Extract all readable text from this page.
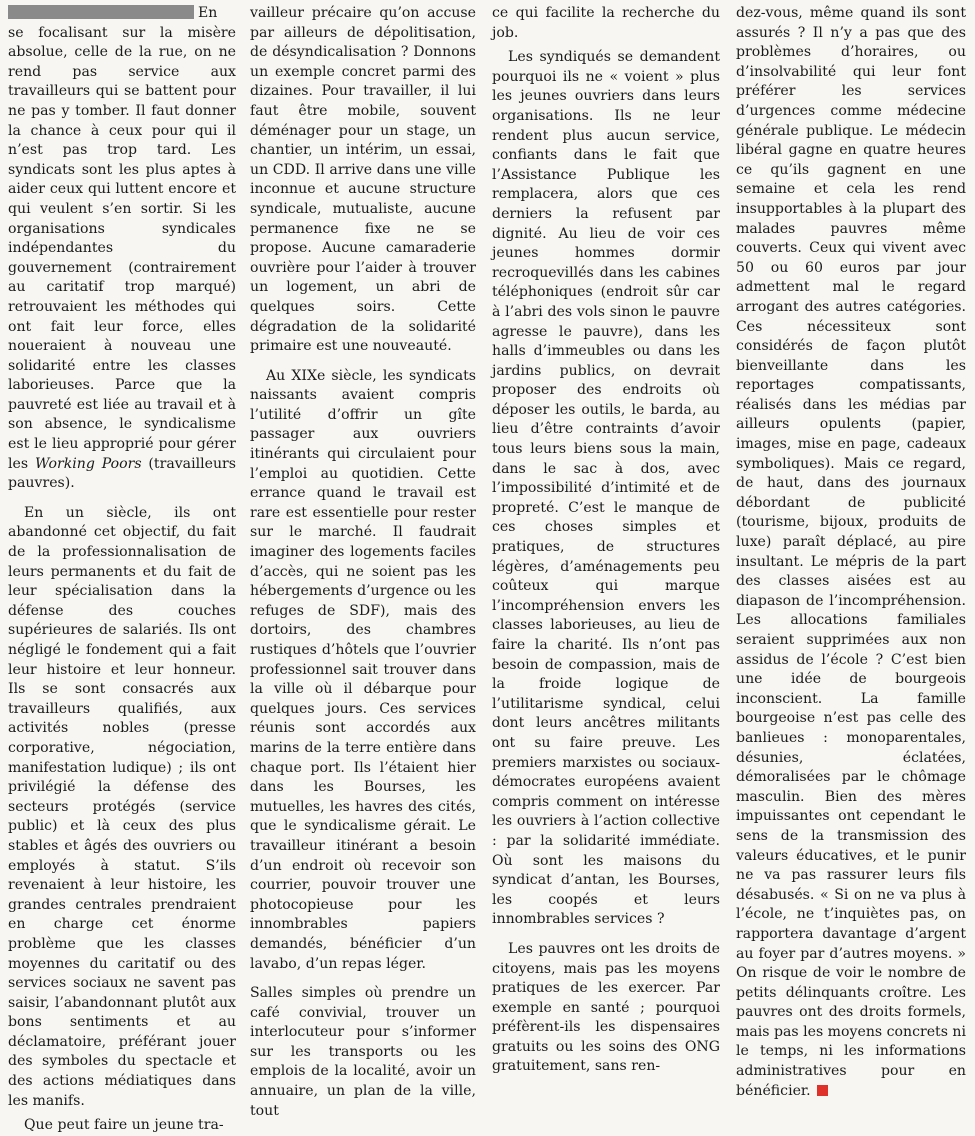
En se focalisant sur la misère absolue, celle de la rue, on ne rend pas service aux travailleurs qui se battent pour ne pas y tomber. Il faut donner la chance à ceux pour qui il n’est pas trop tard. Les syndicats sont les plus aptes à aider ceux qui luttent encore et qui veulent s’en sortir. Si les organisations syndicales indépendantes du gouvernement (contrairement au caritatif trop marqué) retrouvaient les méthodes qui ont fait leur force, elles noueraient à nouveau une solidarité entre les classes laborieuses. Parce que la pauvreté est liée au travail et à son absence, le syndicalisme est le lieu approprié pour gérer les Working Poors (travailleurs pauvres).

En un siècle, ils ont abandonné cet objectif, du fait de la professionnalisation de leurs permanents et du fait de leur spécialisation dans la défense des couches supérieures de salariés. Ils ont négligé le fondement qui a fait leur histoire et leur honneur. Ils se sont consacrés aux travailleurs qualifiés, aux activités nobles (presse corporative, négociation, manifestation ludique) ; ils ont privilégié la défense des secteurs protégés (service public) et là ceux des plus stables et âgés des ouvriers ou employés à statut. S’ils revenaient à leur histoire, les grandes centrales prendraient en charge cet énorme problème que les classes moyennes du caritatif ou des services sociaux ne savent pas saisir, l’abandonnant plutôt aux bons sentiments et au déclamatoire, préférant jouer des symboles du spectacle et des actions médiatiques dans les manifs.

Que peut faire un jeune tra-

vailleur précaire qu’on accuse par ailleurs de dépolitisation, de désyndicalisation ? Donnons un exemple concret parmi des dizaines. Pour travailler, il lui faut être mobile, souvent déménager pour un stage, un chantier, un intérim, un essai, un CDD. Il arrive dans une ville inconnue et aucune structure syndicale, mutualiste, aucune permanence fixe ne se propose. Aucune camaraderie ouvrière pour l’aider à trouver un logement, un abri de quelques soirs. Cette dégradation de la solidarité primaire est une nouveauté.

Au XIXe siècle, les syndicats naissants avaient compris l’utilité d’offrir un gîte passager aux ouvriers itinérants qui circulaient pour l’emploi au quotidien. Cette errance quand le travail est rare est essentielle pour rester sur le marché. Il faudrait imaginer des logements faciles d’accès, qui ne soient pas les hébergements d’urgence ou les refuges de SDF), mais des dortoirs, des chambres rustiques d’hôtels que l’ouvrier professionnel sait trouver dans la ville où il débarque pour quelques jours. Ces services réunis sont accordés aux marins de la terre entière dans chaque port. Ils l’étaient hier dans les Bourses, les mutuelles, les havres des cités, que le syndicalisme gérait. Le travailleur itinérant a besoin d’un endroit où recevoir son courrier, pouvoir trouver une photocopieuse pour les innombrables papiers demandés, bénéficier d’un lavabo, d’un repas léger.

Salles simples où prendre un café convivial, trouver un interlocuteur pour s’informer sur les transports ou les emplois de la localité, avoir un annuaire, un plan de la ville, tout

ce qui facilite la recherche du job.

Les syndiqués se demandent pourquoi ils ne « voient » plus les jeunes ouvriers dans leurs organisations. Ils ne leur rendent plus aucun service, confiants dans le fait que l’Assistance Publique les remplacera, alors que ces derniers la refusent par dignité. Au lieu de voir ces jeunes hommes dormir recroquevillés dans les cabines téléphoniques (endroit sûr car à l’abri des vols sinon le pauvre agresse le pauvre), dans les halls d’immeubles ou dans les jardins publics, on devrait proposer des endroits où déposer les outils, le barda, au lieu d’être contraints d’avoir tous leurs biens sous la main, dans le sac à dos, avec l’impossibilité d’intimité et de propreté. C’est le manque de ces choses simples et pratiques, de structures légères, d’aménagements peu coûteux qui marque l’incompréhension envers les classes laborieuses, au lieu de faire la charité. Ils n’ont pas besoin de compassion, mais de la froide logique de l’utilitarisme syndical, celui dont leurs ancêtres militants ont su faire preuve. Les premiers marxistes ou sociaux-démocrates européens avaient compris comment on intéresse les ouvriers à l’action collective : par la solidarité immédiate. Où sont les maisons du syndicat d’antan, les Bourses, les coopés et leurs innombrables services ?

Les pauvres ont les droits de citoyens, mais pas les moyens pratiques de les exercer. Par exemple en santé ; pourquoi préfèrent-ils les dispensaires gratuits ou les soins des ONG gratuitement, sans ren-

dez-vous, même quand ils sont assurés ? Il n’y a pas que des problèmes d’horaires, ou d’insolvabilité qui leur font préférer les services d’urgences comme médecine générale publique. Le médecin libéral gagne en quatre heures ce qu’ils gagnent en une semaine et cela les rend insupportables à la plupart des malades pauvres même couverts. Ceux qui vivent avec 50 ou 60 euros par jour admettent mal le regard arrogant des autres catégories. Ces nécessiteux sont considérés de façon plutôt bienveillante dans les reportages compatissants, réalisés dans les médias par ailleurs opulents (papier, images, mise en page, cadeaux symboliques). Mais ce regard, de haut, dans des journaux débordant de publicité (tourisme, bijoux, produits de luxe) paraît déplacé, au pire insultant. Le mépris de la part des classes aisées est au diapason de l’incompréhension. Les allocations familiales seraient supprimées aux non assidus de l’école ? C’est bien une idée de bourgeois inconscient. La famille bourgeoise n’est pas celle des banlieues : monoparentales, désunies, éclatées, démoralisées par le chômage masculin. Bien des mères impuissantes ont cependant le sens de la transmission des valeurs éducatives, et le punir ne va pas rassurer leurs fils désabusés. « Si on ne va plus à l’école, ne t’inquiètes pas, on rapportera davantage d’argent au foyer par d’autres moyens. » On risque de voir le nombre de petits délinquants croître. Les pauvres ont des droits formels, mais pas les moyens concrets ni le temps, ni les informations administratives pour en bénéficier.
